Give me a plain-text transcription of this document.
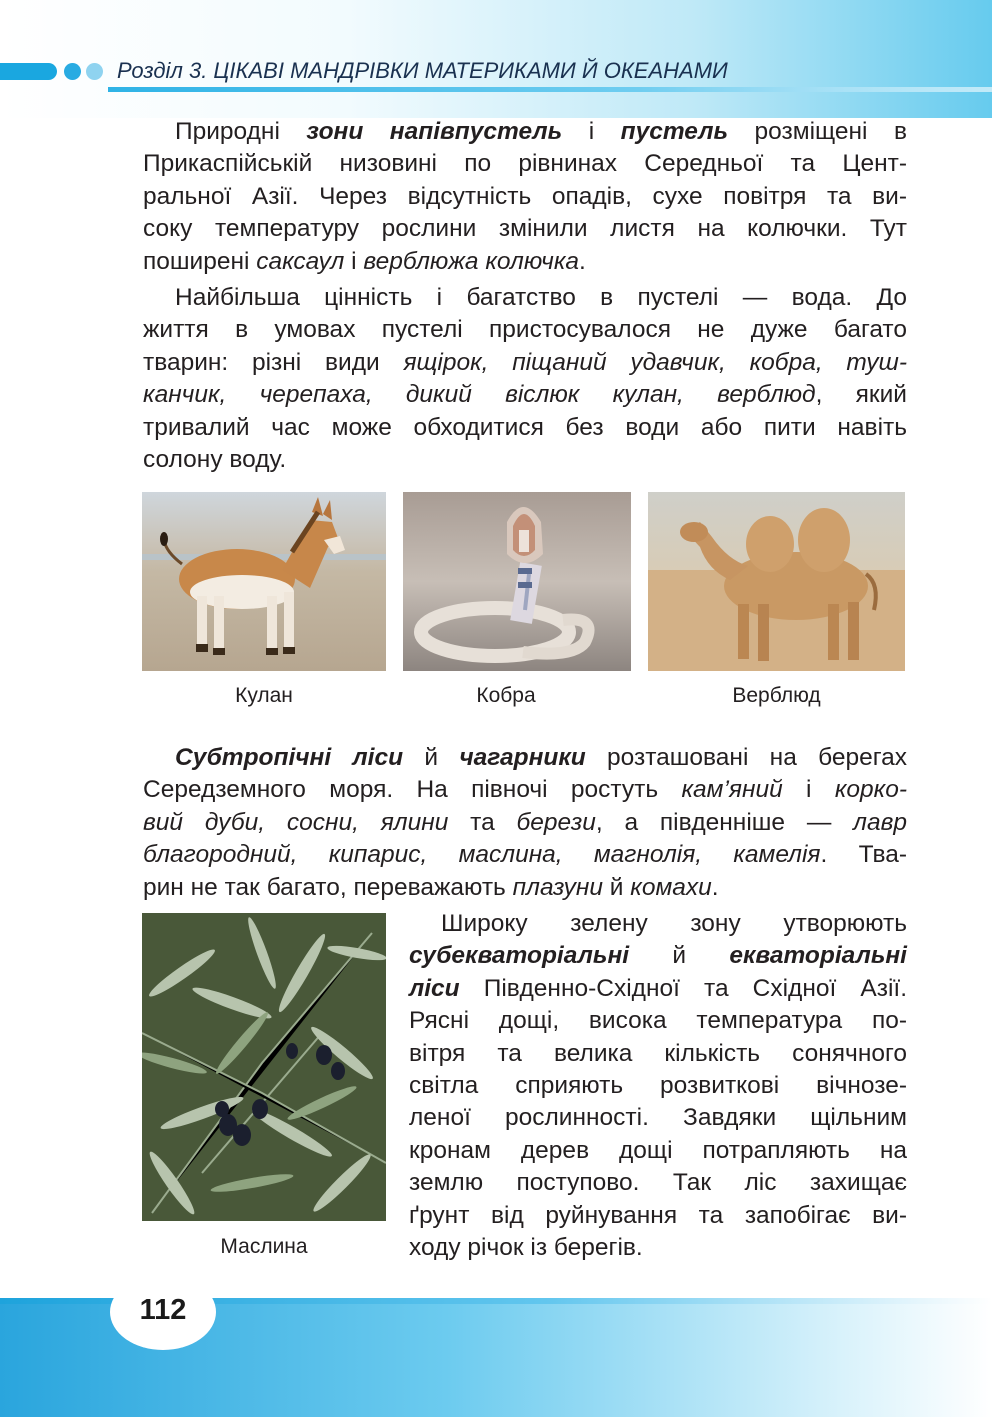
Розділ 3. ЦІКАВІ МАНДРІВКИ МАТЕРИКАМИ Й ОКЕАНАМИ
Природні зони напівпустель і пустель розміщені в
Прикаспійській низовині по рівнинах Середньої та Цент-
ральної Азії. Через відсутність опадів, сухе повітря та ви-
соку температуру рослини змінили листя на колючки. Тут
поширені саксаул і верблюжа колючка.
Найбільша цінність і багатство в пустелі — вода. До
життя в умовах пустелі пристосувалося не дуже багато
тварин: різні види ящірок, піщаний удавчик, кобра, туш-
канчик, черепаха, дикий віслюк кулан, верблюд, який
тривалий час може обходитися без води або пити навіть
солону воду.
Кулан	Кобра	Верблюд
Субтропічні ліси й чагарники розташовані на берегах
Середземного моря. На півночі ростуть кам’яний і корко-
вий дуби, сосни, ялини та берези, а південніше — лавр
благородний, кипарис, маслина, магнолія, камелія. Тва-
рин не так багато, переважають плазуни й комахи.
Маслина
Широку зелену зону утворюють
субекваторіальні й екваторіальні
ліси Південно-Східної та Східної Азії.
Рясні дощі, висока температура по-
вітря та велика кількість сонячного
світла сприяють розвиткові вічнозе-
леної рослинності. Завдяки щільним
кронам дерев дощі потрапляють на
землю поступово. Так ліс захищає
ґрунт від руйнування та запобігає ви-
ходу річок із берегів.
112
